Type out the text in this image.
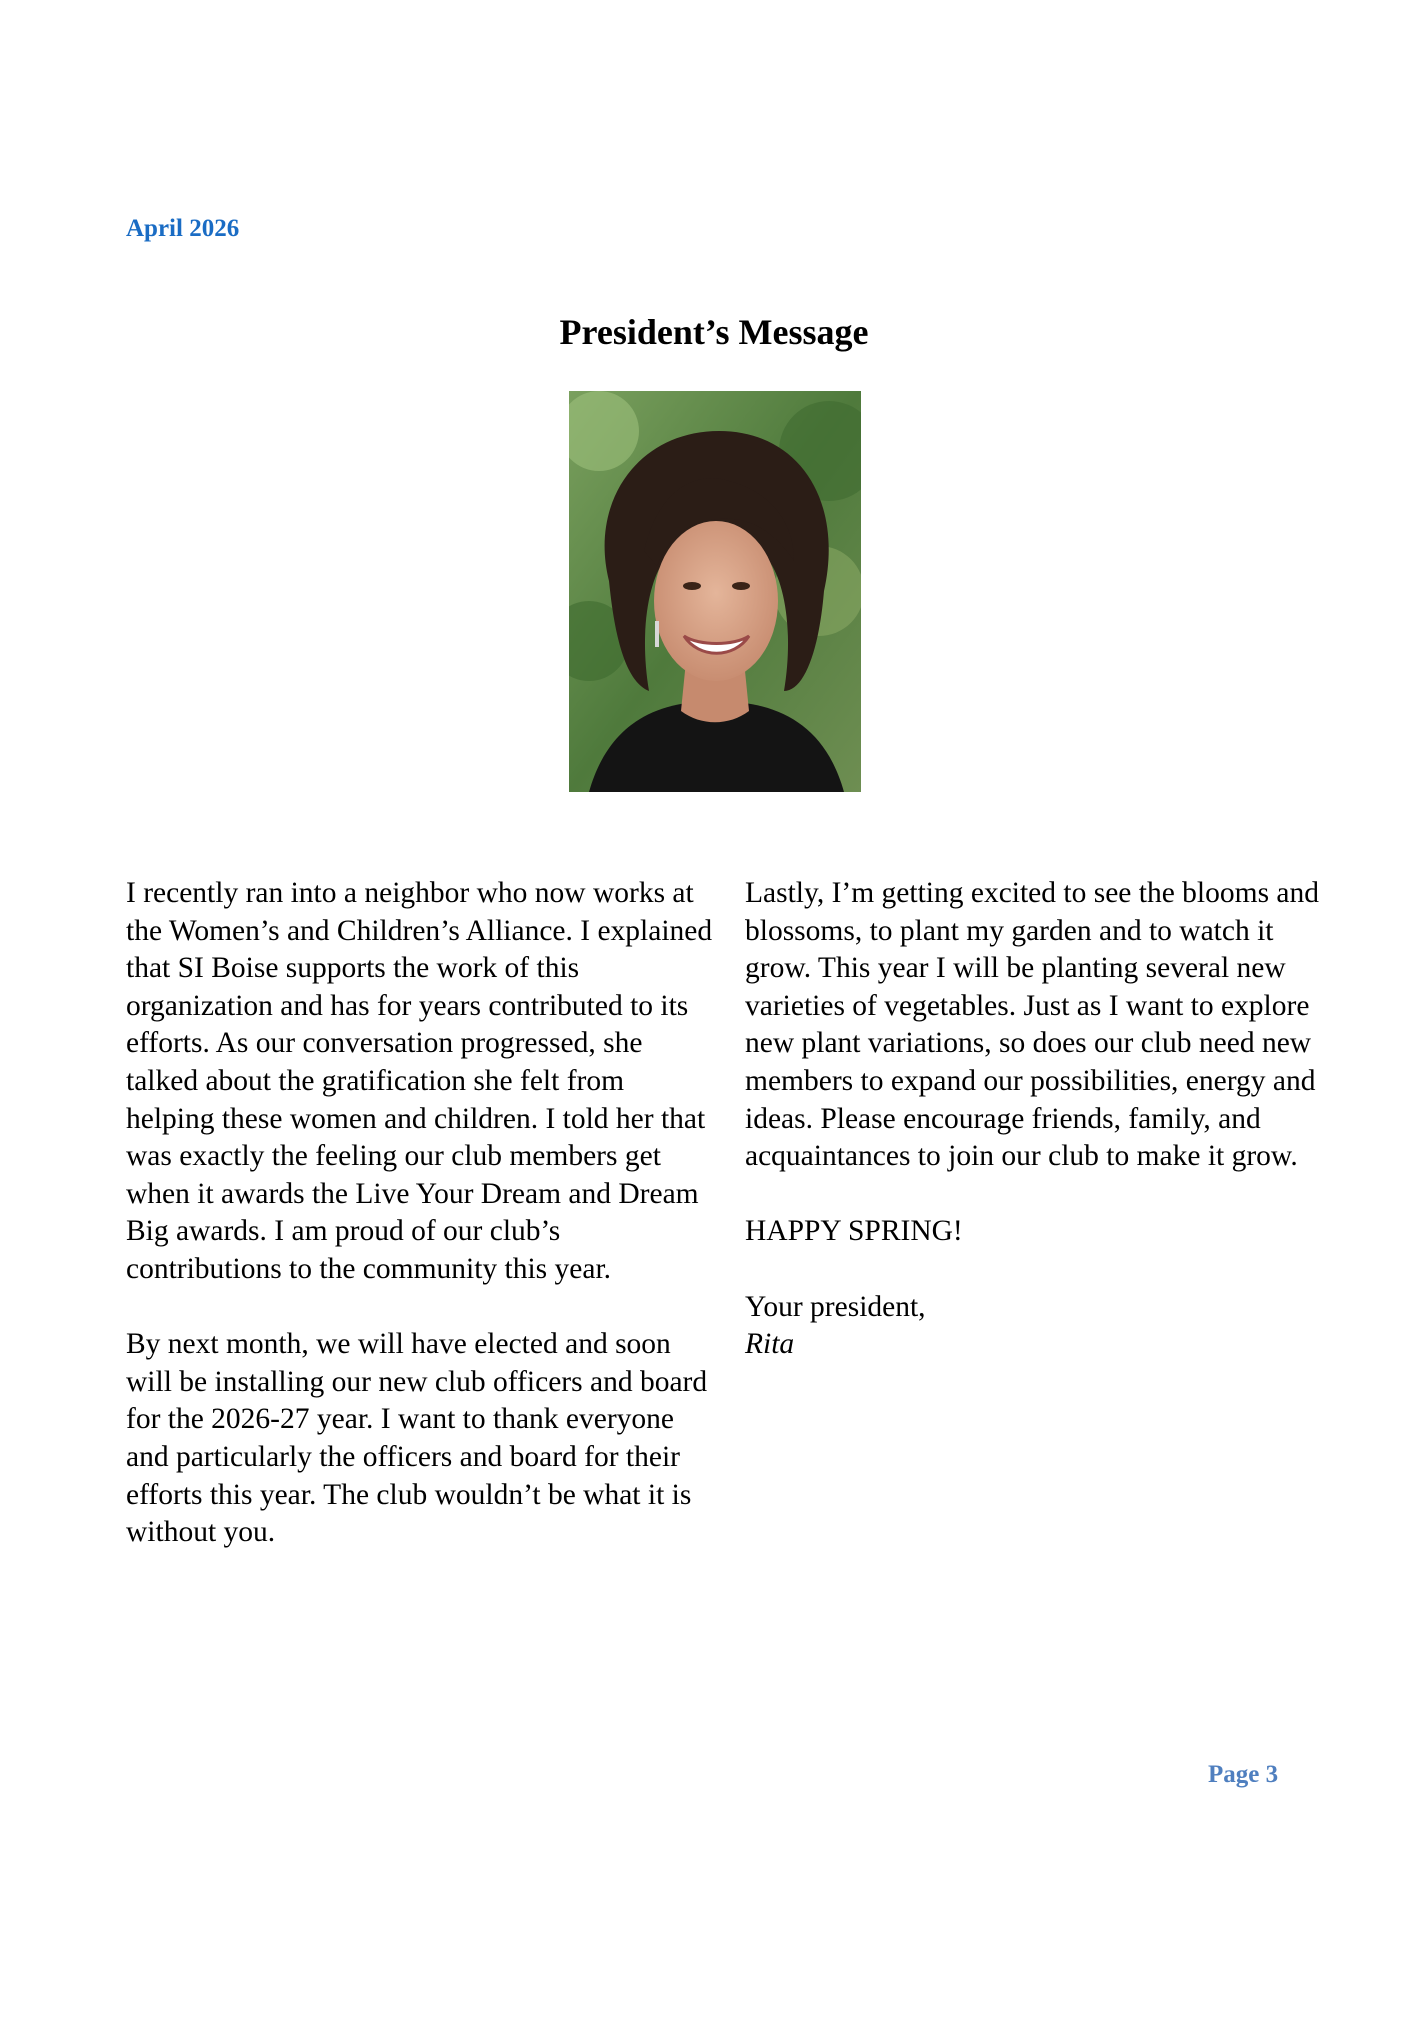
April 2026
President’s Message

I recently ran into a neighbor who now works at the Women’s and Children’s Alliance. I explained that SI Boise supports the work of this organization and has for years contributed to its efforts. As our conversation progressed, she talked about the gratification she felt from helping these women and children. I told her that was exactly the feeling our club members get when it awards the Live Your Dream and Dream Big awards. I am proud of our club’s contributions to the community this year.

By next month, we will have elected and soon will be installing our new club officers and board for the 2026-27 year. I want to thank everyone and particularly the officers and board for their efforts this year. The club wouldn’t be what it is without you.

Lastly, I’m getting excited to see the blooms and blossoms, to plant my garden and to watch it grow. This year I will be planting several new varieties of vegetables. Just as I want to explore new plant variations, so does our club need new members to expand our possibilities, energy and ideas. Please encourage friends, family, and acquaintances to join our club to make it grow.

HAPPY SPRING!

Your president,
Rita

Page 3
